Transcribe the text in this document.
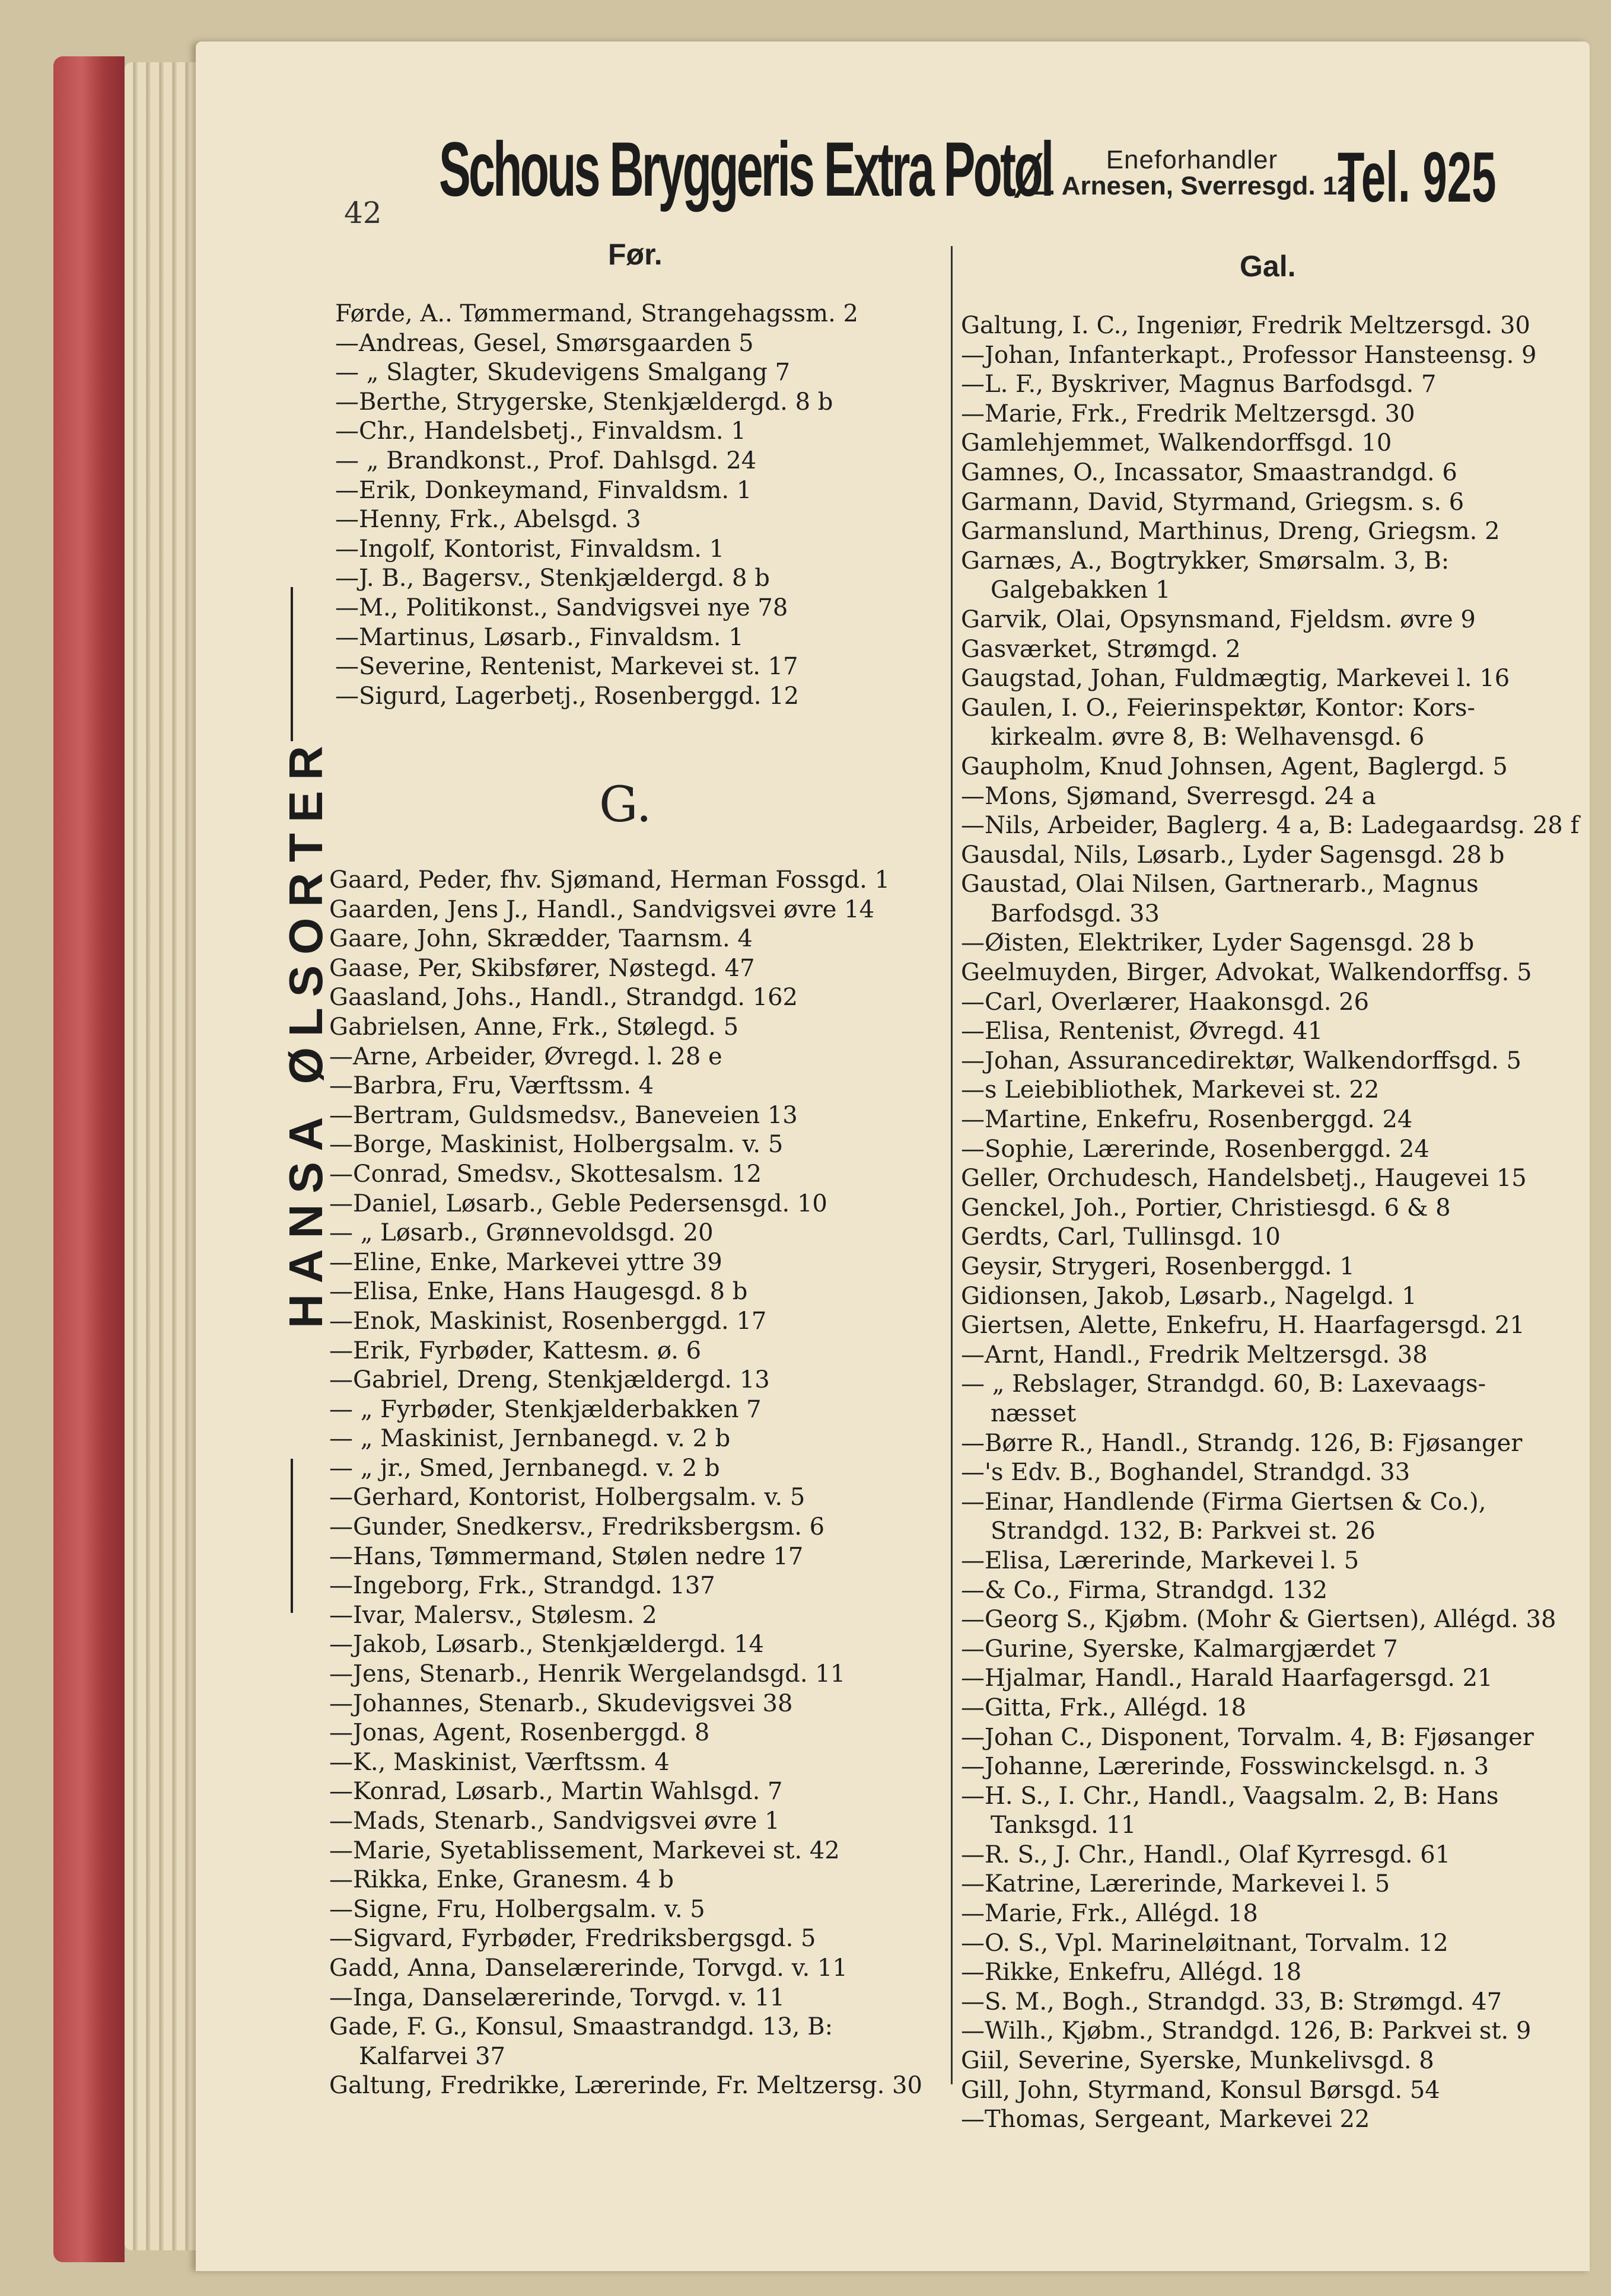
42
Schous Bryggeris Extra Potøl	Eneforhandler
L. Arnesen, Sverresgd. 12
Tel. 925
Før.	Gal.
HANSA ØLSORTER
Førde, A.. Tømmermand, Strangehagssm. 2
—Andreas, Gesel, Smørsgaarden 5
— „ Slagter, Skudevigens Smalgang 7
—Berthe, Strygerske, Stenkjældergd. 8 b
—Chr., Handelsbetj., Finvaldsm. 1
— „ Brandkonst., Prof. Dahlsgd. 24
—Erik, Donkeymand, Finvaldsm. 1
—Henny, Frk., Abelsgd. 3
—Ingolf, Kontorist, Finvaldsm. 1
—J. B., Bagersv., Stenkjældergd. 8 b
—M., Politikonst., Sandvigsvei nye 78
—Martinus, Løsarb., Finvaldsm. 1
—Severine, Rentenist, Markevei st. 17
—Sigurd, Lagerbetj., Rosenberggd. 12
G.
Gaard, Peder, fhv. Sjømand, Herman Fossgd. 1
Gaarden, Jens J., Handl., Sandvigsvei øvre 14
Gaare, John, Skrædder, Taarnsm. 4
Gaase, Per, Skibsfører, Nøstegd. 47
Gaasland, Johs., Handl., Strandgd. 162
Gabrielsen, Anne, Frk., Stølegd. 5
—Arne, Arbeider, Øvregd. l. 28 e
—Barbra, Fru, Værftssm. 4
—Bertram, Guldsmedsv., Baneveien 13
—Borge, Maskinist, Holbergsalm. v. 5
—Conrad, Smedsv., Skottesalsm. 12
—Daniel, Løsarb., Geble Pedersensgd. 10
— „ Løsarb., Grønnevoldsgd. 20
—Eline, Enke, Markevei yttre 39
—Elisa, Enke, Hans Haugesgd. 8 b
—Enok, Maskinist, Rosenberggd. 17
—Erik, Fyrbøder, Kattesm. ø. 6
—Gabriel, Dreng, Stenkjældergd. 13
— „ Fyrbøder, Stenkjælderbakken 7
— „ Maskinist, Jernbanegd. v. 2 b
— „ jr., Smed, Jernbanegd. v. 2 b
—Gerhard, Kontorist, Holbergsalm. v. 5
—Gunder, Snedkersv., Fredriksbergsm. 6
—Hans, Tømmermand, Stølen nedre 17
—Ingeborg, Frk., Strandgd. 137
—Ivar, Malersv., Stølesm. 2
—Jakob, Løsarb., Stenkjældergd. 14
—Jens, Stenarb., Henrik Wergelandsgd. 11
—Johannes, Stenarb., Skudevigsvei 38
—Jonas, Agent, Rosenberggd. 8
—K., Maskinist, Værftssm. 4
—Konrad, Løsarb., Martin Wahlsgd. 7
—Mads, Stenarb., Sandvigsvei øvre 1
—Marie, Syetablissement, Markevei st. 42
—Rikka, Enke, Granesm. 4 b
—Signe, Fru, Holbergsalm. v. 5
—Sigvard, Fyrbøder, Fredriksbergsgd. 5
Gadd, Anna, Danselærerinde, Torvgd. v. 11
—Inga, Danselærerinde, Torvgd. v. 11
Gade, F. G., Konsul, Smaastrandgd. 13, B:
Kalfarvei 37
Galtung, Fredrikke, Lærerinde, Fr. Meltzersg. 30
Galtung, I. C., Ingeniør, Fredrik Meltzersgd. 30
—Johan, Infanterkapt., Professor Hansteensg. 9
—L. F., Byskriver, Magnus Barfodsgd. 7
—Marie, Frk., Fredrik Meltzersgd. 30
Gamlehjemmet, Walkendorffsgd. 10
Gamnes, O., Incassator, Smaastrandgd. 6
Garmann, David, Styrmand, Griegsm. s. 6
Garmanslund, Marthinus, Dreng, Griegsm. 2
Garnæs, A., Bogtrykker, Smørsalm. 3, B:
Galgebakken 1
Garvik, Olai, Opsynsmand, Fjeldsm. øvre 9
Gasværket, Strømgd. 2
Gaugstad, Johan, Fuldmægtig, Markevei l. 16
Gaulen, I. O., Feierinspektør, Kontor: Kors-
kirkealm. øvre 8, B: Welhavensgd. 6
Gaupholm, Knud Johnsen, Agent, Baglergd. 5
—Mons, Sjømand, Sverresgd. 24 a
—Nils, Arbeider, Baglerg. 4 a, B: Ladegaardsg. 28 f
Gausdal, Nils, Løsarb., Lyder Sagensgd. 28 b
Gaustad, Olai Nilsen, Gartnerarb., Magnus
Barfodsgd. 33
—Øisten, Elektriker, Lyder Sagensgd. 28 b
Geelmuyden, Birger, Advokat, Walkendorffsg. 5
—Carl, Overlærer, Haakonsgd. 26
—Elisa, Rentenist, Øvregd. 41
—Johan, Assurancedirektør, Walkendorffsgd. 5
—s Leiebibliothek, Markevei st. 22
—Martine, Enkefru, Rosenberggd. 24
—Sophie, Lærerinde, Rosenberggd. 24
Geller, Orchudesch, Handelsbetj., Haugevei 15
Genckel, Joh., Portier, Christiesgd. 6 & 8
Gerdts, Carl, Tullinsgd. 10
Geysir, Strygeri, Rosenberggd. 1
Gidionsen, Jakob, Løsarb., Nagelgd. 1
Giertsen, Alette, Enkefru, H. Haarfagersgd. 21
—Arnt, Handl., Fredrik Meltzersgd. 38
— „ Rebslager, Strandgd. 60, B: Laxevaags-
næsset
—Børre R., Handl., Strandg. 126, B: Fjøsanger
—'s Edv. B., Boghandel, Strandgd. 33
—Einar, Handlende (Firma Giertsen & Co.),
Strandgd. 132, B: Parkvei st. 26
—Elisa, Lærerinde, Markevei l. 5
—& Co., Firma, Strandgd. 132
—Georg S., Kjøbm. (Mohr & Giertsen), Allégd. 38
—Gurine, Syerske, Kalmargjærdet 7
—Hjalmar, Handl., Harald Haarfagersgd. 21
—Gitta, Frk., Allégd. 18
—Johan C., Disponent, Torvalm. 4, B: Fjøsanger
—Johanne, Lærerinde, Fosswinckelsgd. n. 3
—H. S., I. Chr., Handl., Vaagsalm. 2, B: Hans
Tanksgd. 11
—R. S., J. Chr., Handl., Olaf Kyrresgd. 61
—Katrine, Lærerinde, Markevei l. 5
—Marie, Frk., Allégd. 18
—O. S., Vpl. Marineløitnant, Torvalm. 12
—Rikke, Enkefru, Allégd. 18
—S. M., Bogh., Strandgd. 33, B: Strømgd. 47
—Wilh., Kjøbm., Strandgd. 126, B: Parkvei st. 9
Giil, Severine, Syerske, Munkelivsgd. 8
Gill, John, Styrmand, Konsul Børsgd. 54
—Thomas, Sergeant, Markevei 22
